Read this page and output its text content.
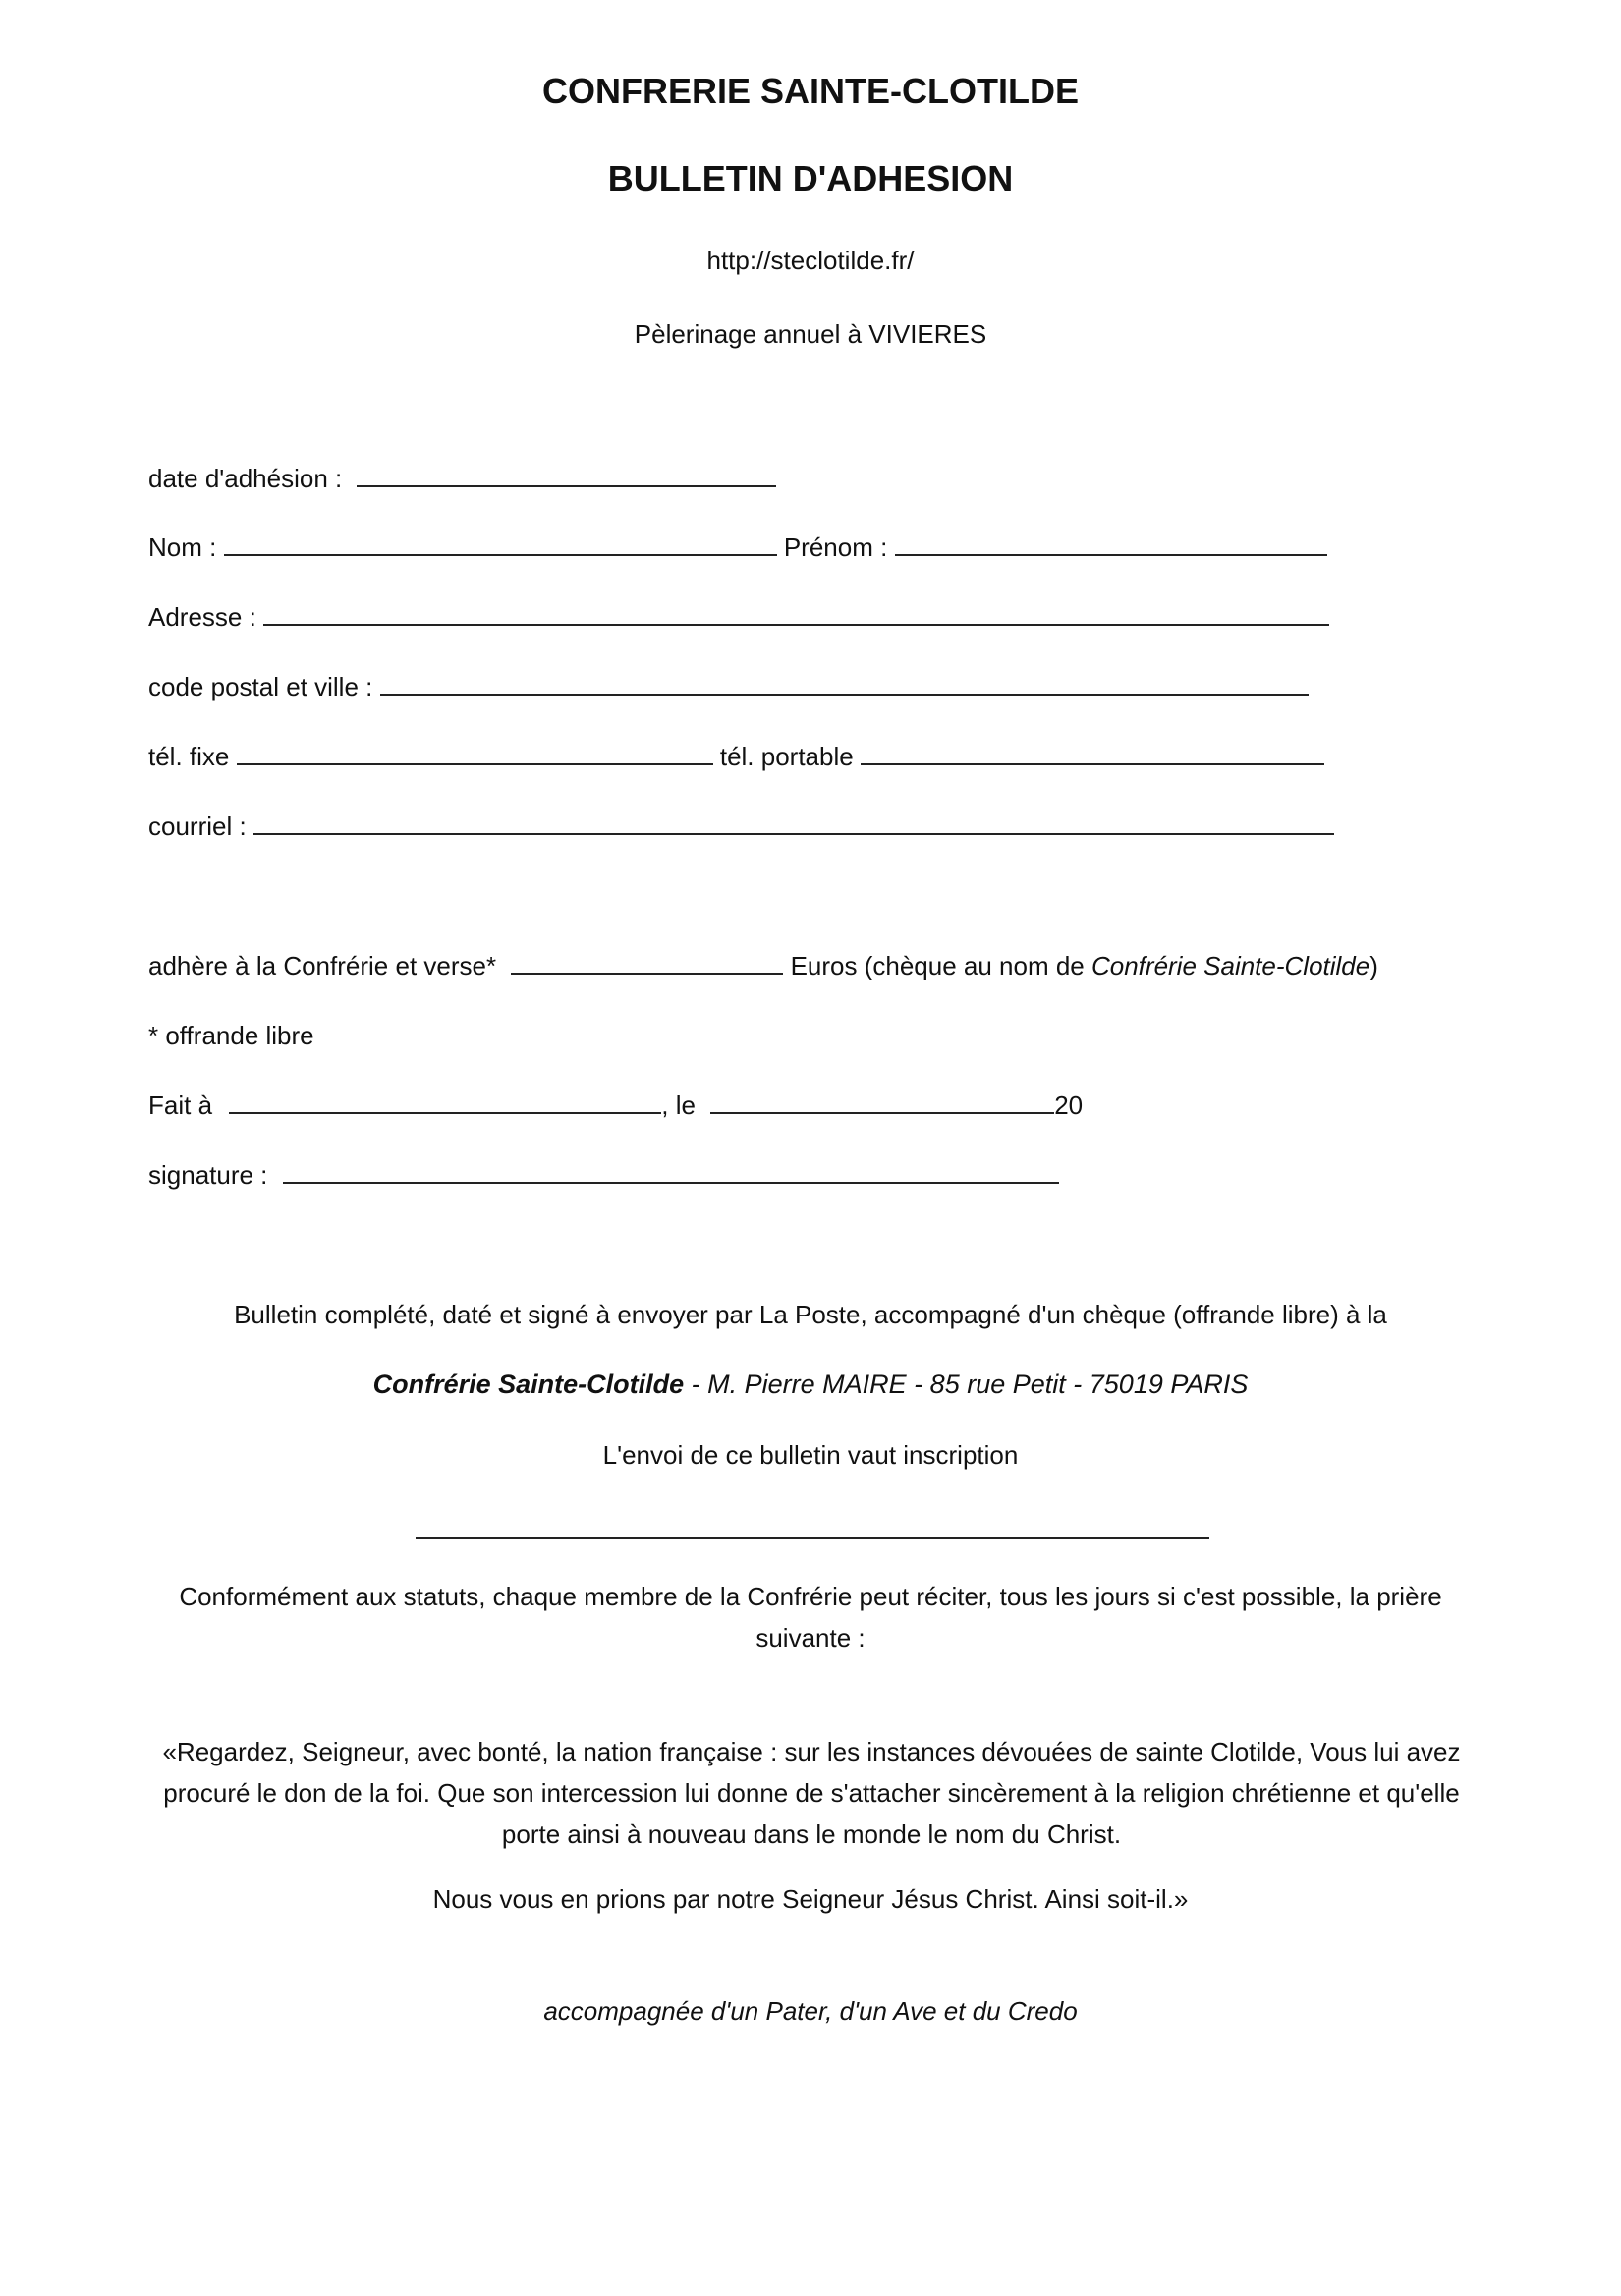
CONFRERIE SAINTE-CLOTILDE
BULLETIN D'ADHESION
http://steclotilde.fr/
Pèlerinage annuel à VIVIERES
date d'adhésion :
Nom :	Prénom :
Adresse :
code postal et ville :
tél. fixe	tél. portable
courriel :
adhère à la Confrérie et verse*	Euros (chèque au nom de Confrérie Sainte-Clotilde)
* offrande libre
Fait à	, le	20
signature :
Bulletin complété, daté et signé à envoyer par La Poste, accompagné d'un chèque (offrande libre) à la
Confrérie Sainte-Clotilde - M. Pierre MAIRE - 85 rue Petit - 75019 PARIS
L'envoi de ce bulletin vaut inscription
Conformément aux statuts, chaque membre de la Confrérie peut réciter, tous les jours si c'est possible, la prière suivante :
«Regardez, Seigneur, avec bonté, la nation française : sur les instances dévouées de sainte Clotilde, Vous lui avez procuré le don de la foi. Que son intercession lui donne de s'attacher sincèrement à la religion chrétienne et qu'elle porte ainsi à nouveau dans le monde le nom du Christ.
Nous vous en prions par notre Seigneur Jésus Christ. Ainsi soit-il.»
accompagnée d'un Pater, d'un Ave et du Credo
